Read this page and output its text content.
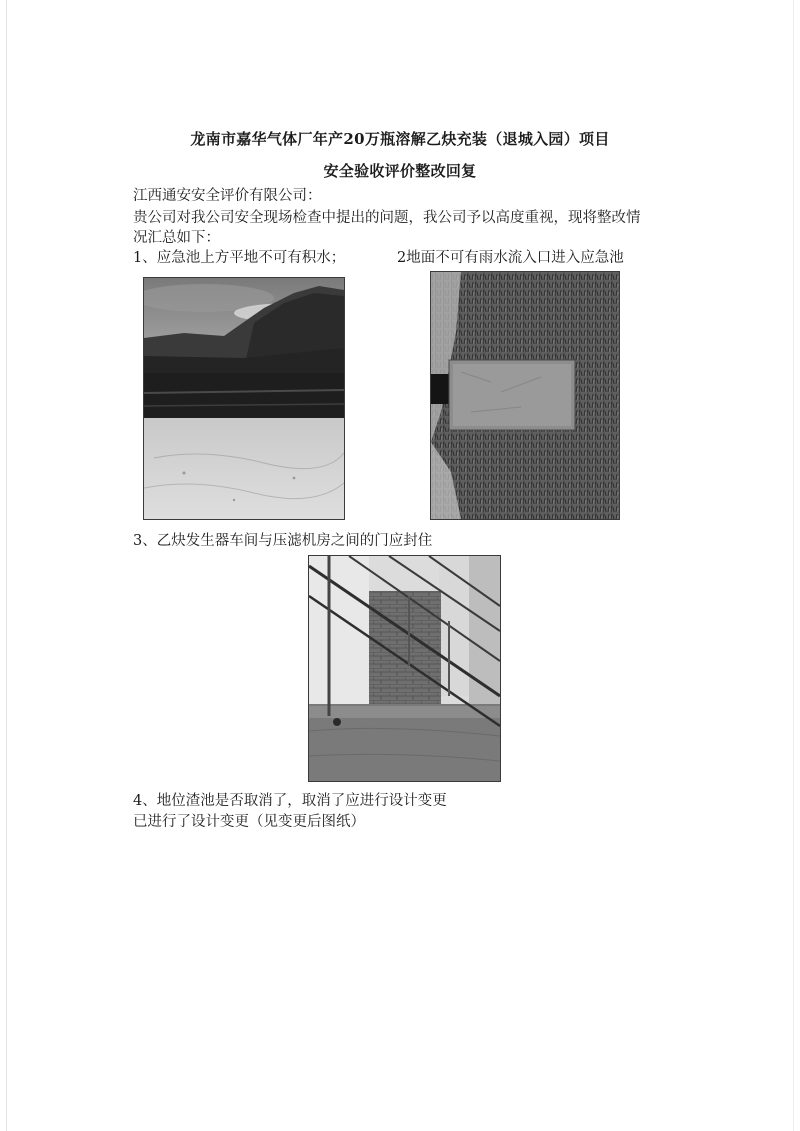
龙南市嘉华气体厂年产20万瓶溶解乙炔充装（退城入园）项目
安全验收评价整改回复
江西通安安全评价有限公司：
贵公司对我公司安全现场检查中提出的问题，我公司予以高度重视，现将整改情
况汇总如下：
1、应急池上方平地不可有积水；	2地面不可有雨水流入口进入应急池
3、乙炔发生器车间与压滤机房之间的门应封住
4、地位渣池是否取消了，取消了应进行设计变更
已进行了设计变更（见变更后图纸）
